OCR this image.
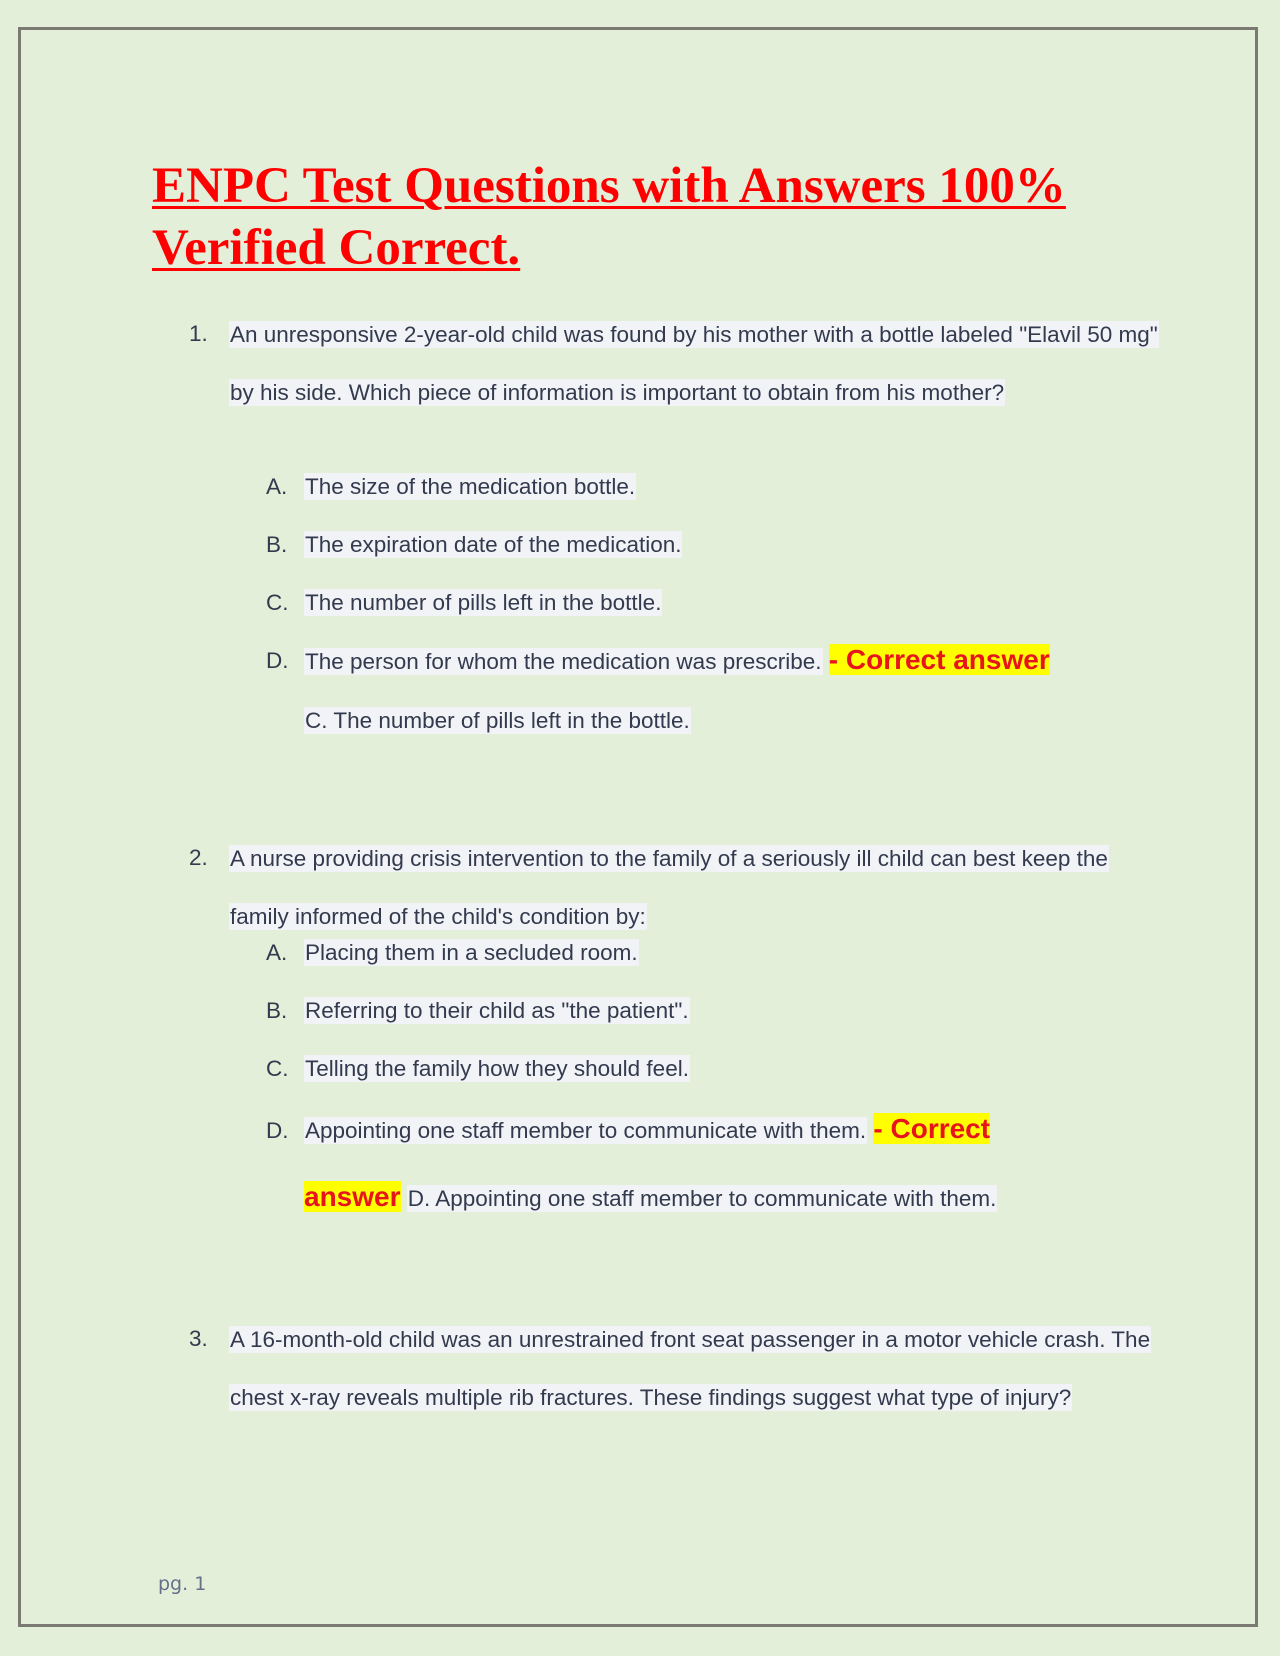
ENPC Test Questions with Answers 100% Verified Correct.
1. An unresponsive 2-year-old child was found by his mother with a bottle labeled "Elavil 50 mg" by his side. Which piece of information is important to obtain from his mother?
A. The size of the medication bottle.
B. The expiration date of the medication.
C. The number of pills left in the bottle.
D. The person for whom the medication was prescribe. - Correct answer
C. The number of pills left in the bottle.
2. A nurse providing crisis intervention to the family of a seriously ill child can best keep the family informed of the child's condition by:
A. Placing them in a secluded room.
B. Referring to their child as "the patient".
C. Telling the family how they should feel.
D. Appointing one staff member to communicate with them. - Correct answer D. Appointing one staff member to communicate with them.
3. A 16-month-old child was an unrestrained front seat passenger in a motor vehicle crash. The chest x-ray reveals multiple rib fractures. These findings suggest what type of injury?
pg. 1
